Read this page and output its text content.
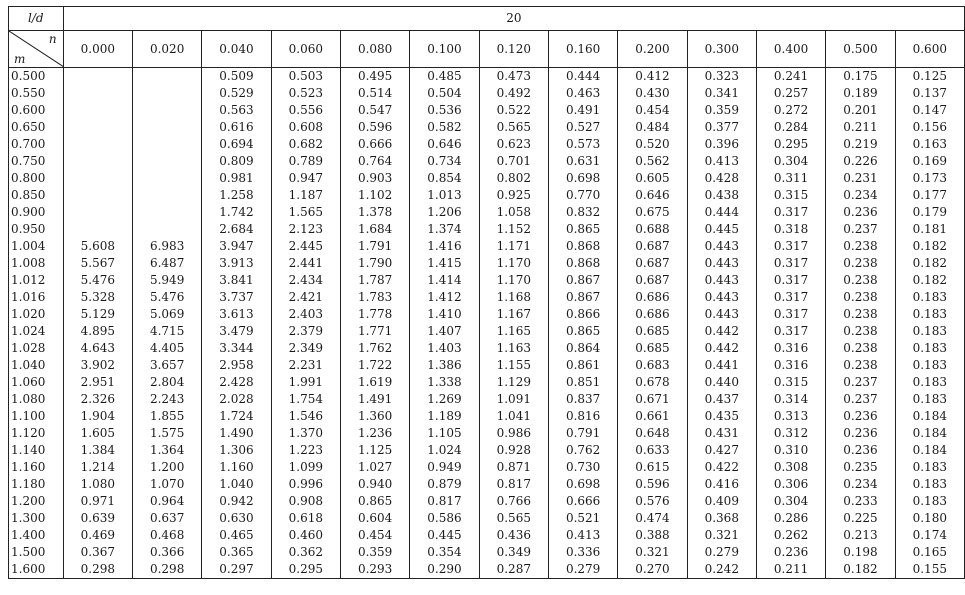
l/d	20												

n
m	0.000	0.020	0.040	0.060	0.080	0.100	0.120	0.160	0.200	0.300	0.400	0.500	0.600
0.500			0.509	0.503	0.495	0.485	0.473	0.444	0.412	0.323	0.241	0.175	0.125
0.550			0.529	0.523	0.514	0.504	0.492	0.463	0.430	0.341	0.257	0.189	0.137
0.600			0.563	0.556	0.547	0.536	0.522	0.491	0.454	0.359	0.272	0.201	0.147
0.650			0.616	0.608	0.596	0.582	0.565	0.527	0.484	0.377	0.284	0.211	0.156
0.700			0.694	0.682	0.666	0.646	0.623	0.573	0.520	0.396	0.295	0.219	0.163
0.750			0.809	0.789	0.764	0.734	0.701	0.631	0.562	0.413	0.304	0.226	0.169
0.800			0.981	0.947	0.903	0.854	0.802	0.698	0.605	0.428	0.311	0.231	0.173
0.850			1.258	1.187	1.102	1.013	0.925	0.770	0.646	0.438	0.315	0.234	0.177
0.900			1.742	1.565	1.378	1.206	1.058	0.832	0.675	0.444	0.317	0.236	0.179
0.950			2.684	2.123	1.684	1.374	1.152	0.865	0.688	0.445	0.318	0.237	0.181
1.004	5.608	6.983	3.947	2.445	1.791	1.416	1.171	0.868	0.687	0.443	0.317	0.238	0.182
1.008	5.567	6.487	3.913	2.441	1.790	1.415	1.170	0.868	0.687	0.443	0.317	0.238	0.182
1.012	5.476	5.949	3.841	2.434	1.787	1.414	1.170	0.867	0.687	0.443	0.317	0.238	0.182
1.016	5.328	5.476	3.737	2.421	1.783	1.412	1.168	0.867	0.686	0.443	0.317	0.238	0.183
1.020	5.129	5.069	3.613	2.403	1.778	1.410	1.167	0.866	0.686	0.443	0.317	0.238	0.183
1.024	4.895	4.715	3.479	2.379	1.771	1.407	1.165	0.865	0.685	0.442	0.317	0.238	0.183
1.028	4.643	4.405	3.344	2.349	1.762	1.403	1.163	0.864	0.685	0.442	0.316	0.238	0.183
1.040	3.902	3.657	2.958	2.231	1.722	1.386	1.155	0.861	0.683	0.441	0.316	0.238	0.183
1.060	2.951	2.804	2.428	1.991	1.619	1.338	1.129	0.851	0.678	0.440	0.315	0.237	0.183
1.080	2.326	2.243	2.028	1.754	1.491	1.269	1.091	0.837	0.671	0.437	0.314	0.237	0.183
1.100	1.904	1.855	1.724	1.546	1.360	1.189	1.041	0.816	0.661	0.435	0.313	0.236	0.184
1.120	1.605	1.575	1.490	1.370	1.236	1.105	0.986	0.791	0.648	0.431	0.312	0.236	0.184
1.140	1.384	1.364	1.306	1.223	1.125	1.024	0.928	0.762	0.633	0.427	0.310	0.236	0.184
1.160	1.214	1.200	1.160	1.099	1.027	0.949	0.871	0.730	0.615	0.422	0.308	0.235	0.183
1.180	1.080	1.070	1.040	0.996	0.940	0.879	0.817	0.698	0.596	0.416	0.306	0.234	0.183
1.200	0.971	0.964	0.942	0.908	0.865	0.817	0.766	0.666	0.576	0.409	0.304	0.233	0.183
1.300	0.639	0.637	0.630	0.618	0.604	0.586	0.565	0.521	0.474	0.368	0.286	0.225	0.180
1.400	0.469	0.468	0.465	0.460	0.454	0.445	0.436	0.413	0.388	0.321	0.262	0.213	0.174
1.500	0.367	0.366	0.365	0.362	0.359	0.354	0.349	0.336	0.321	0.279	0.236	0.198	0.165
1.600	0.298	0.298	0.297	0.295	0.293	0.290	0.287	0.279	0.270	0.242	0.211	0.182	0.155
